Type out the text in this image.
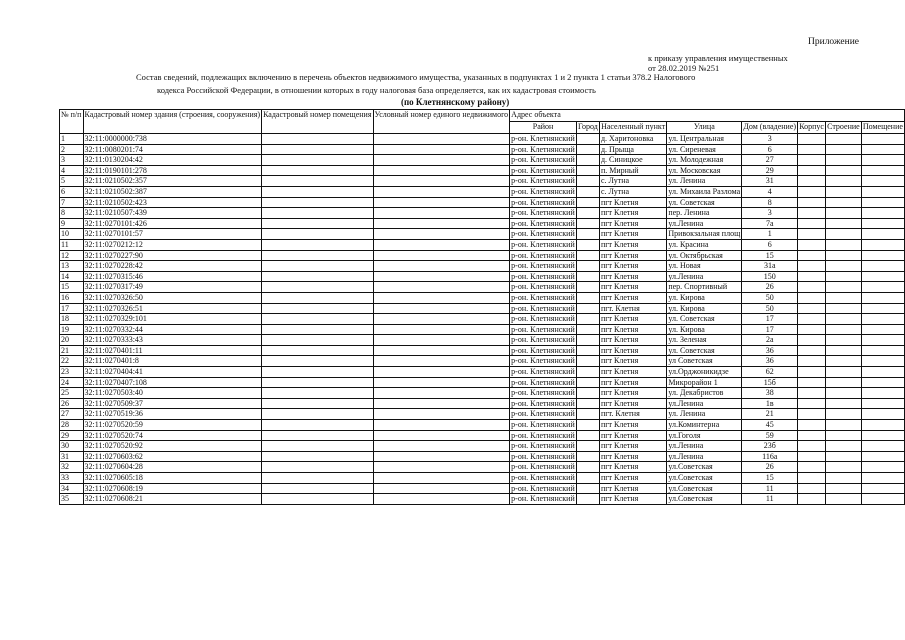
Приложение
к приказу управления имущественных
от 28.02.2019 №251
Состав сведений, подлежащих включению в перечень объектов недвижимого имущества, указанных в подпунктах 1 и 2 пункта 1 статьи 378.2 Налогового
кодекса Российской Федерации, в отношении которых в году налоговая база определяется, как их кадастровая стоимость
(по Клетнянскому району)
№ п/п	Кадастровый номер здания (строения, сооружения)	Кадастровый номер помещения	Условный номер единого недвижимого	Адрес объекта							
				Район	Город	Населенный пункт	Улица	Дом (владение)	Корпус	Строение	Помещение

1	32:11:0000000:738			р-он. Клетнянский		д. Харитоновка	ул. Центральная	3			
2	32:11:0080201:74			р-он. Клетнянский		д. Прыща	ул. Сиреневая	6			
3	32:11:0130204:42			р-он. Клетнянский		д. Синицкое	ул. Молодежная	27			
4	32:11:0190101:278			р-он. Клетнянский		п. Мирный	ул. Московская	29			
5	32:11:0210502:357			р-он. Клетнянский		с. Лутна	ул. Ленина	31			
6	32:11:0210502:387			р-он. Клетнянский		с. Лутна	ул. Михаила Разлома	4			
7	32:11:0210502:423			р-он. Клетнянский		пгт Клетня	ул. Советская	8			
8	32:11:0210507:439			р-он. Клетнянский		пгт Клетня	пер. Ленина	3			
9	32:11:0270101:426			р-он. Клетнянский		пгт Клетня	ул.Ленина	7а			
10	32:11:0270101:57			р-он. Клетнянский		пгт Клетня	Привокзальная площ	1			
11	32:11:0270212:12			р-он. Клетнянский		пгт Клетня	ул. Красина	6			
12	32:11:0270227:90			р-он. Клетнянский		пгт Клетня	ул. Октябрьская	15			
13	32:11:0270228:42			р-он. Клетнянский		пгт Клетня	ул. Новая	31а			
14	32:11:0270315:46			р-он. Клетнянский		пгт Клетня	ул.Ленина	150			
15	32:11:0270317:49			р-он. Клетнянский		пгт Клетня	пер. Спортивный	26			
16	32:11:0270326:50			р-он. Клетнянский		пгт Клетня	ул. Кирова	50			
17	32:11:0270326:51			р-он. Клетнянский		пгт. Клетня	ул. Кирова	50			
18	32:11:0270329:101			р-он. Клетнянский		пгт Клетня	ул. Советская	17			
19	32:11:0270332:44			р-он. Клетнянский		пгт Клетня	ул. Кирова	17			
20	32:11:0270333:43			р-он. Клетнянский		пгт Клетня	ул. Зеленая	2а			
21	32:11:0270401:11			р-он. Клетнянский		пгт Клетня	ул. Советская	36			
22	32:11:0270401:8			р-он. Клетнянский		пгт Клетня	ул Советская	36			
23	32:11:0270404:41			р-он. Клетнянский		пгт Клетня	ул.Орджоникидзе	62			
24	32:11:0270407:108			р-он. Клетнянский		пгт Клетня	Микрорайон 1	15б			
25	32:11:0270503:40			р-он. Клетнянский		пгт Клетня	ул. Декабристов	38			
26	32:11:0270509:37			р-он. Клетнянский		пгт Клетня	ул.Ленина	1в			
27	32:11:0270519:36			р-он. Клетнянский		пгт. Клетня	ул. Ленина	21			
28	32:11:0270520:59			р-он. Клетнянский		пгт Клетня	ул.Коминтерна	45			
29	32:11:0270520:74			р-он. Клетнянский		пгт Клетня	ул.Гоголя	59			
30	32:11:0270520:92			р-он. Клетнянский		пгт Клетня	ул.Ленина	23б			
31	32:11:0270603:62			р-он. Клетнянский		пгт Клетня	ул.Ленина	116а			
32	32:11:0270604:28			р-он. Клетнянский		пгт Клетня	ул.Советская	26			
33	32:11:0270605:18			р-он. Клетнянский		пгт Клетня	ул.Советская	15			
34	32:11:0270608:19			р-он. Клетнянский		пгт Клетня	ул.Советская	11			
35	32:11:0270608:21			р-он. Клетнянский		пгт Клетня	ул.Советская	11			
